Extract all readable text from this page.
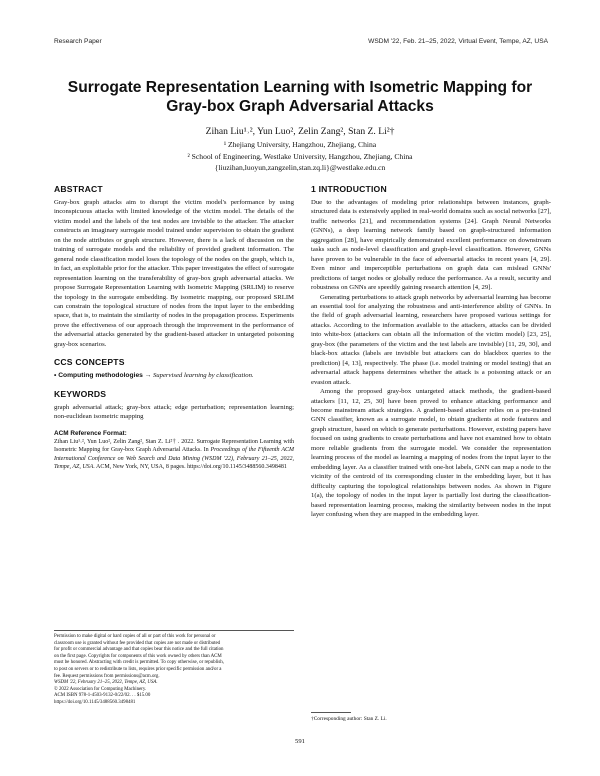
Research Paper	WSDM '22, Feb. 21–25, 2022, Virtual Event, Tempe, AZ, USA
Surrogate Representation Learning with Isometric Mapping for
Gray-box Graph Adversarial Attacks
Zihan Liu¹˒², Yun Luo², Zelin Zang², Stan Z. Li²†
¹ Zhejiang University, Hangzhou, Zhejiang, China
² School of Engineering, Westlake University, Hangzhou, Zhejiang, China
{liuzihan,luoyun,zangzelin,stan.zq.li}@westlake.edu.cn
ABSTRACT

Gray-box graph attacks aim to disrupt the victim model's performance by using inconspicuous attacks with limited knowledge of the victim model. The details of the victim model and the labels of the test nodes are invisible to the attacker. The attacker constructs an imaginary surrogate model trained under supervision to obtain the gradient on the node attributes or graph structure. However, there is a lack of discussion on the training of surrogate models and the reliability of provided gradient information. The general node classification model loses the topology of the nodes on the graph, which is, in fact, an exploitable prior for the attacker. This paper investigates the effect of surrogate representation learning on the transferability of gray-box graph adversarial attacks. We propose Surrogate Representation Learning with Isometric Mapping (SRLIM) to reserve the topology in the surrogate embedding. By isometric mapping, our proposed SRLIM can constrain the topological structure of nodes from the input layer to the embedding space, that is, to maintain the similarity of nodes in the propagation process. Experiments prove the effectiveness of our approach through the improvement in the performance of the adversarial attacks generated by the gradient-based attacker in untargeted poisoning gray-box scenarios.

CCS CONCEPTS

• Computing methodologies → Supervised learning by classification.

KEYWORDS

graph adversarial attack; gray-box attack; edge perturbation; representation learning; non-euclidean isometric mapping

ACM Reference Format:

Zihan Liu¹˒², Yun Luo², Zelin Zang², Stan Z. Li²† . 2022. Surrogate Representation Learning with Isometric Mapping for Gray-box Graph Adversarial Attacks. In Proceedings of the Fifteenth ACM International Conference on Web Search and Data Mining (WSDM '22), February 21–25, 2022, Tempe, AZ, USA. ACM, New York, NY, USA, 8 pages. https://doi.org/10.1145/3488560.3498481

Permission to make digital or hard copies of all or part of this work for personal or
classroom use is granted without fee provided that copies are not made or distributed
for profit or commercial advantage and that copies bear this notice and the full citation
on the first page. Copyrights for components of this work owned by others than ACM
must be honored. Abstracting with credit is permitted. To copy otherwise, or republish,
to post on servers or to redistribute to lists, requires prior specific permission and/or a
fee. Request permissions from permissions@acm.org.
WSDM '22, February 21–25, 2022, Tempe, AZ, USA.
© 2022 Association for Computing Machinery.
ACM ISBN 978-1-4503-9132-0/22/02. . . $15.00
https://doi.org/10.1145/3488560.3498481
1 INTRODUCTION

Due to the advantages of modeling prior relationships between instances, graph-structured data is extensively applied in real-world domains such as social networks [27], traffic networks [21], and recommendation systems [24]. Graph Neural Networks (GNNs), a deep learning network family based on graph-structured information aggregation [28], have empirically demonstrated excellent performance on downstream tasks such as node-level classification and graph-level classification. However, GNNs have proven to be vulnerable in the face of adversarial attacks in recent years [4, 29]. Even minor and imperceptible perturbations on graph data can mislead GNNs' predictions of target nodes or globally reduce the performance. As a result, security and robustness on GNNs are speedily gaining research attention [4, 29].

Generating perturbations to attack graph networks by adversarial learning has become an essential tool for analyzing the robustness and anti-interference ability of GNNs. In the field of graph adversarial learning, researchers have proposed various settings for attacks. According to the information available to the attackers, attacks can be divided into white-box (attackers can obtain all the information of the victim model) [23, 25], gray-box (the parameters of the victim and the test labels are invisible) [11, 29, 30], and black-box attacks (labels are invisible but attackers can do blackbox queries to the prediction) [4, 13], respectively. The phase (i.e. model training or model testing) that an adversarial attack happens determines whether the attack is a poisoning attack or an evasion attack.

Among the proposed gray-box untargeted attack methods, the gradient-based attackers [11, 12, 25, 30] have been proved to enhance attacking performance and become mainstream attack strategies. A gradient-based attacker relies on a pre-trained GNN classifier, known as a surrogate model, to obtain gradients at node features and graph structure, based on which to generate perturbations. However, existing papers have focused on using gradients to create perturbations and have not examined how to obtain more reliable gradients from the surrogate model. We consider the representation learning process of the model as learning a mapping of nodes from the input layer to the embedding layer. As a classifier trained with one-hot labels, GNN can map a node to the vicinity of the centroid of its corresponding cluster in the embedding layer, but it has difficulty capturing the topological relationships between nodes. As shown in Figure 1(a), the topology of nodes in the input layer is partially lost during the classification-based representation learning process, making the similarity between nodes in the input layer confusing when they are mapped in the embedding layer.

†Corresponding author: Stan Z. Li.
591
